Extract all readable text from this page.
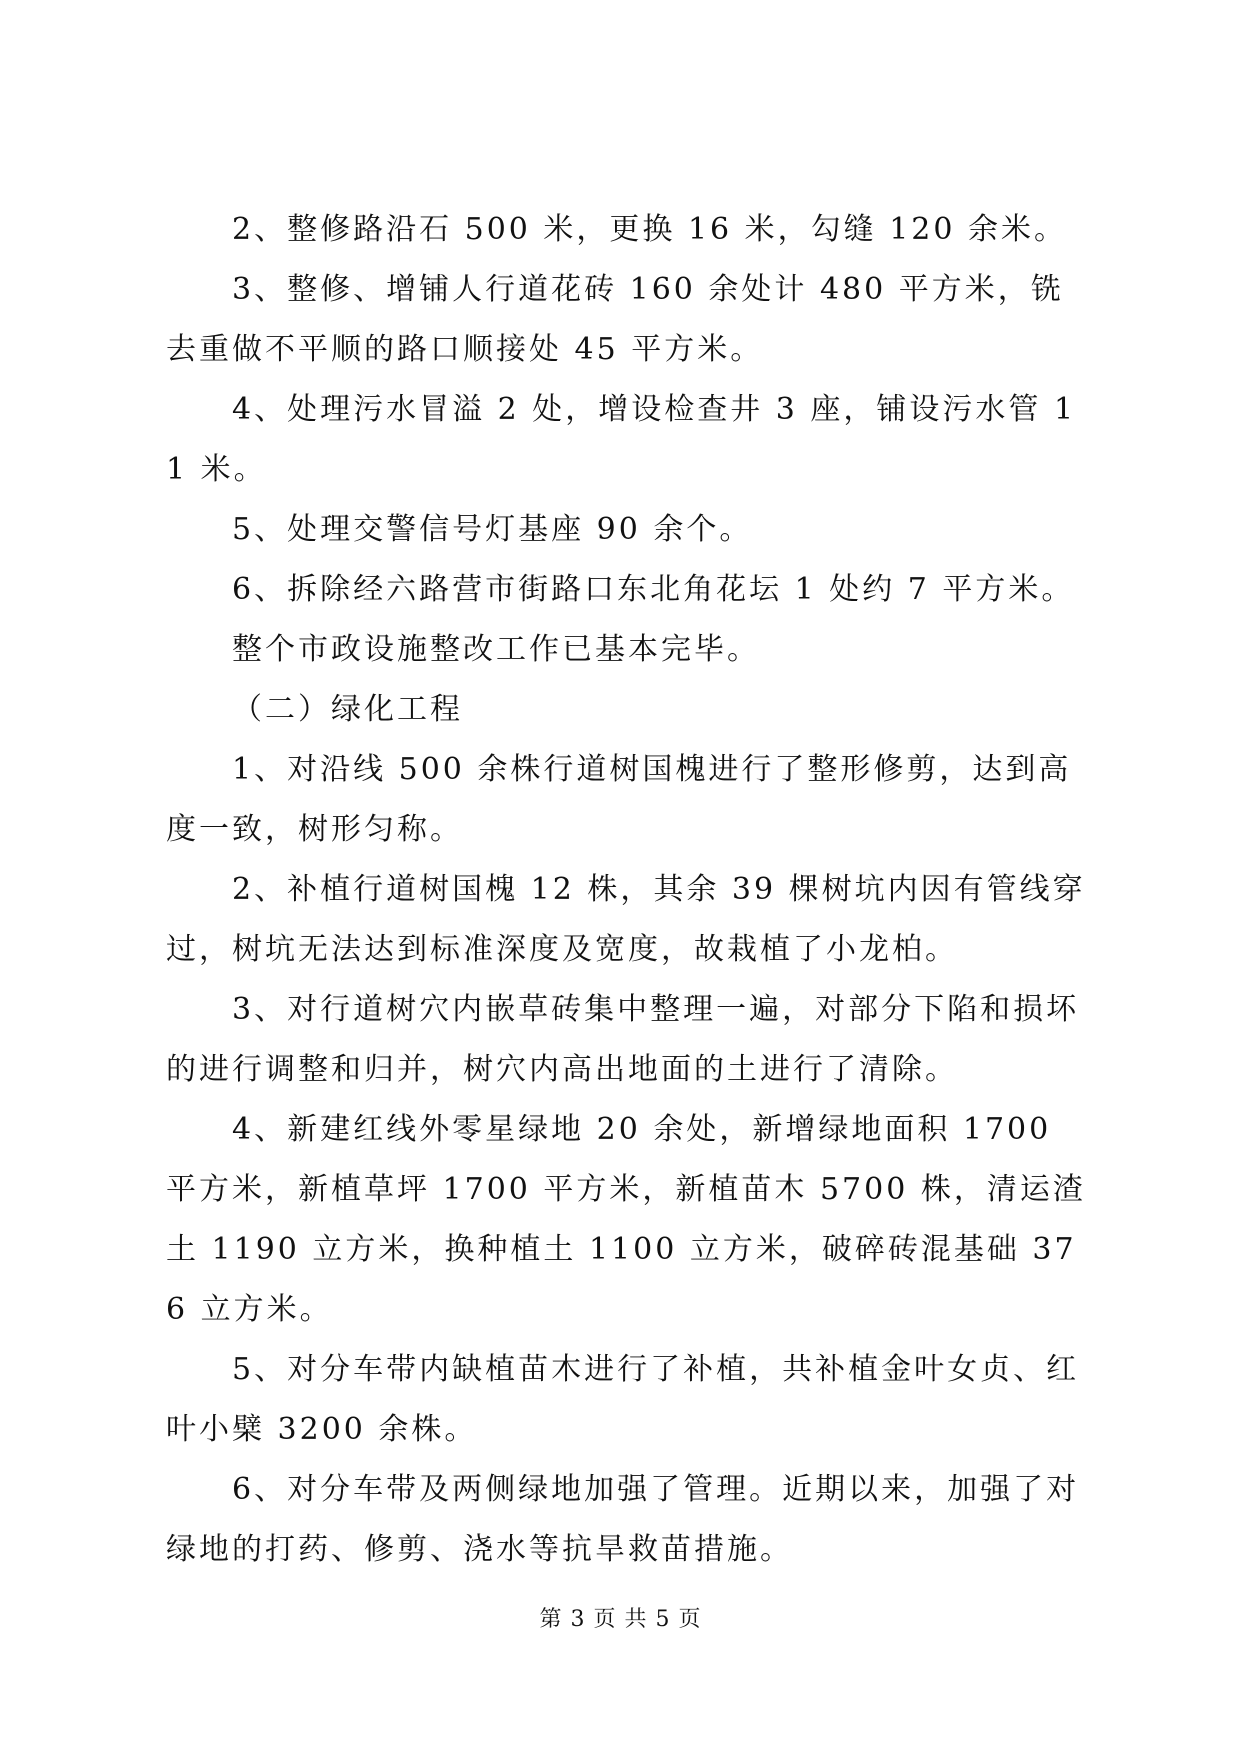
2、整修路沿石 500 米，更换 16 米，勾缝 120 余米。

3、整修、增铺人行道花砖 160 余处计 480 平方米，铣去重做不平顺的路口顺接处 45 平方米。

4、处理污水冒溢 2 处，增设检查井 3 座，铺设污水管 11 米。

5、处理交警信号灯基座 90 余个。

6、拆除经六路营市街路口东北角花坛 1 处约 7 平方米。

整个市政设施整改工作已基本完毕。

（二）绿化工程

1、对沿线 500 余株行道树国槐进行了整形修剪，达到高度一致，树形匀称。

2、补植行道树国槐 12 株，其余 39 棵树坑内因有管线穿过，树坑无法达到标准深度及宽度，故栽植了小龙柏。

3、对行道树穴内嵌草砖集中整理一遍，对部分下陷和损坏的进行调整和归并，树穴内高出地面的土进行了清除。

4、新建红线外零星绿地 20 余处，新增绿地面积 1700 平方米，新植草坪 1700 平方米，新植苗木 5700 株，清运渣土 1190 立方米，换种植土 1100 立方米，破碎砖混基础 376 立方米。

5、对分车带内缺植苗木进行了补植，共补植金叶女贞、红叶小檗 3200 余株。

6、对分车带及两侧绿地加强了管理。近期以来，加强了对绿地的打药、修剪、浇水等抗旱救苗措施。

第 3 页 共 5 页
